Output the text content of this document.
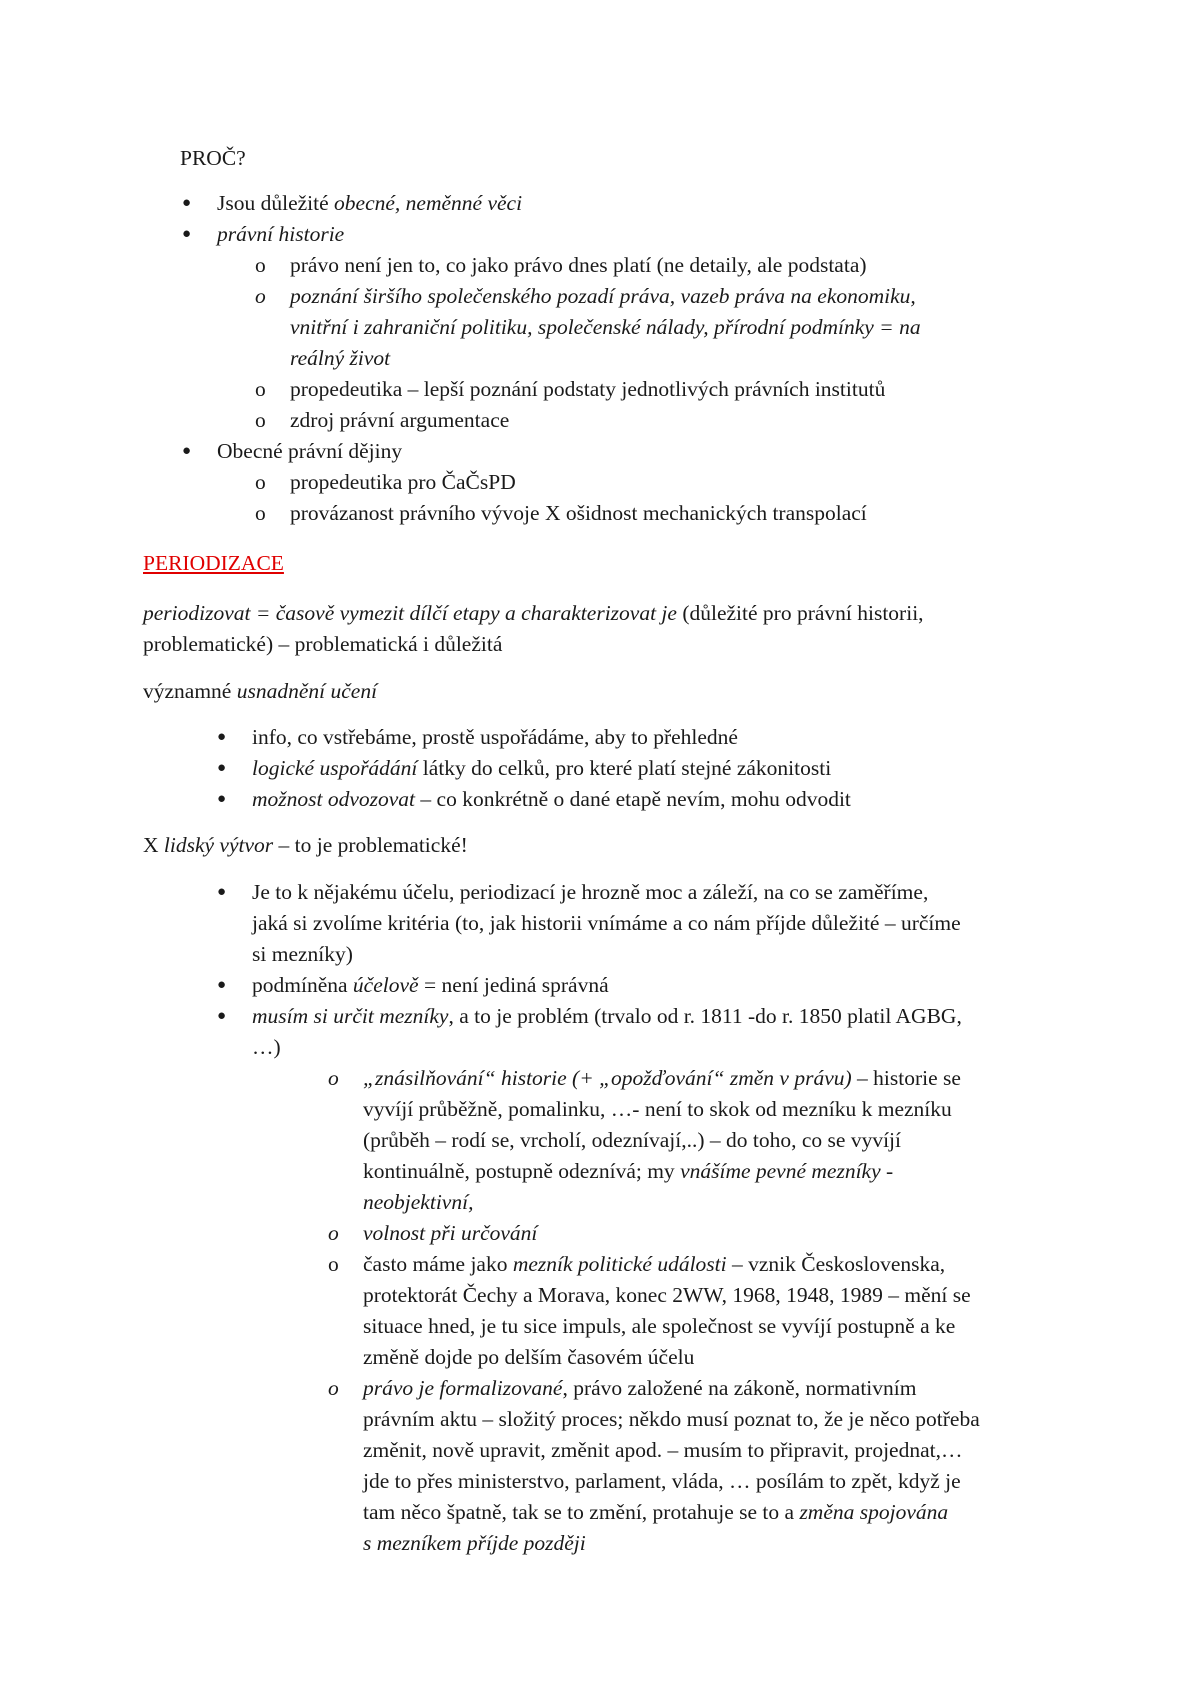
PROČ?
● Jsou důležité obecné, neměnné věci
● právní historie
o právo není jen to, co jako právo dnes platí (ne detaily, ale podstata)
o poznání širšího společenského pozadí práva, vazeb práva na ekonomiku,
vnitřní i zahraniční politiku, společenské nálady, přírodní podmínky = na
reálný život
o propedeutika – lepší poznání podstaty jednotlivých právních institutů
o zdroj právní argumentace
● Obecné právní dějiny
o propedeutika pro ČaČsPD
o provázanost právního vývoje X ošidnost mechanických transpolací
PERIODIZACE
periodizovat = časově vymezit dílčí etapy a charakterizovat je (důležité pro právní historii,
problematické) – problematická i důležitá
významné usnadnění učení
● info, co vstřebáme, prostě uspořádáme, aby to přehledné
● logické uspořádání látky do celků, pro které platí stejné zákonitosti
● možnost odvozovat – co konkrétně o dané etapě nevím, mohu odvodit
X lidský výtvor – to je problematické!
● Je to k nějakému účelu, periodizací je hrozně moc a záleží, na co se zaměříme,
jaká si zvolíme kritéria (to, jak historii vnímáme a co nám příjde důležité – určíme
si mezníky)
● podmíněna účelově = není jediná správná
● musím si určit mezníky, a to je problém (trvalo od r. 1811 -do r. 1850 platil AGBG,
…)
o „znásilňování“ historie (+ „opožďování“ změn v právu) – historie se
vyvíjí průběžně, pomalinku, …- není to skok od mezníku k mezníku
(průběh – rodí se, vrcholí, odeznívají,..) – do toho, co se vyvíjí
kontinuálně, postupně odeznívá; my vnášíme pevné mezníky -
neobjektivní,
o volnost při určování
o často máme jako mezník politické události – vznik Československa,
protektorát Čechy a Morava, konec 2WW, 1968, 1948, 1989 – mění se
situace hned, je tu sice impuls, ale společnost se vyvíjí postupně a ke
změně dojde po delším časovém účelu
o právo je formalizované, právo založené na zákoně, normativním
právním aktu – složitý proces; někdo musí poznat to, že je něco potřeba
změnit, nově upravit, změnit apod. – musím to připravit, projednat,…
jde to přes ministerstvo, parlament, vláda, … posílám to zpět, když je
tam něco špatně, tak se to změní, protahuje se to a změna spojována
s mezníkem příjde později
